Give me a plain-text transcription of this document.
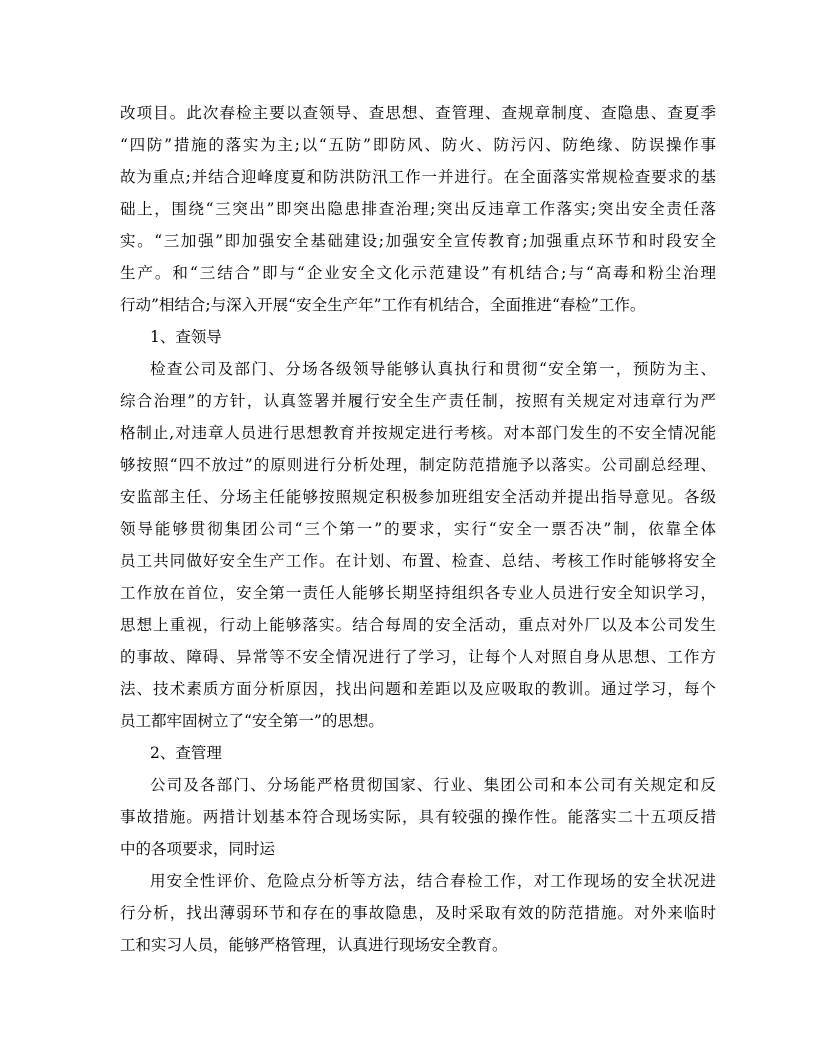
改项目。此次春检主要以查领导、查思想、查管理、查规章制度、查隐患、查夏季
“四防”措施的落实为主;以“五防”即防风、防火、防污闪、防绝缘、防误操作事
故为重点;并结合迎峰度夏和防洪防汛工作一并进行。在全面落实常规检查要求的基
础上，围绕“三突出”即突出隐患排查治理;突出反违章工作落实;突出安全责任落
实。“三加强”即加强安全基础建设;加强安全宣传教育;加强重点环节和时段安全
生产。和“三结合”即与“企业安全文化示范建设”有机结合;与“高毒和粉尘治理
行动”相结合;与深入开展“安全生产年”工作有机结合，全面推进“春检”工作。
1、查领导
检查公司及部门、分场各级领导能够认真执行和贯彻“安全第一，预防为主、
综合治理”的方针，认真签署并履行安全生产责任制，按照有关规定对违章行为严
格制止,对违章人员进行思想教育并按规定进行考核。对本部门发生的不安全情况能
够按照“四不放过”的原则进行分析处理，制定防范措施予以落实。公司副总经理、
安监部主任、分场主任能够按照规定积极参加班组安全活动并提出指导意见。各级
领导能够贯彻集团公司“三个第一”的要求，实行“安全一票否决”制，依靠全体
员工共同做好安全生产工作。在计划、布置、检查、总结、考核工作时能够将安全
工作放在首位，安全第一责任人能够长期坚持组织各专业人员进行安全知识学习，
思想上重视，行动上能够落实。结合每周的安全活动，重点对外厂以及本公司发生
的事故、障碍、异常等不安全情况进行了学习，让每个人对照自身从思想、工作方
法、技术素质方面分析原因，找出问题和差距以及应吸取的教训。通过学习，每个
员工都牢固树立了“安全第一”的思想。
2、查管理
公司及各部门、分场能严格贯彻国家、行业、集团公司和本公司有关规定和反
事故措施。两措计划基本符合现场实际，具有较强的操作性。能落实二十五项反措
中的各项要求，同时运
用安全性评价、危险点分析等方法，结合春检工作，对工作现场的安全状况进
行分析，找出薄弱环节和存在的事故隐患，及时采取有效的防范措施。对外来临时
工和实习人员，能够严格管理，认真进行现场安全教育。
